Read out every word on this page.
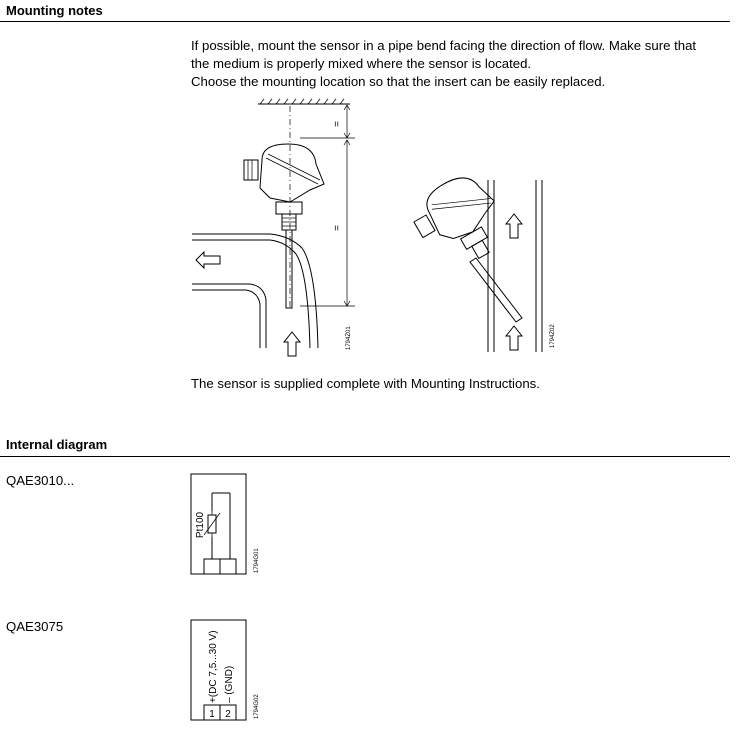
Mounting notes

If possible, mount the sensor in a pipe bend facing the direction of flow. Make sure that
the medium is properly mixed where the sensor is located.
Choose the mounting location so that the insert can be easily replaced.

=
=
1794Z01	1794Z02

The sensor is supplied complete with Mounting Instructions.

Internal diagram

QAE3010...

Pt100
1794G01

QAE3075

1 2
+(DC 7,5...30 V) – (GND)
1794G02
